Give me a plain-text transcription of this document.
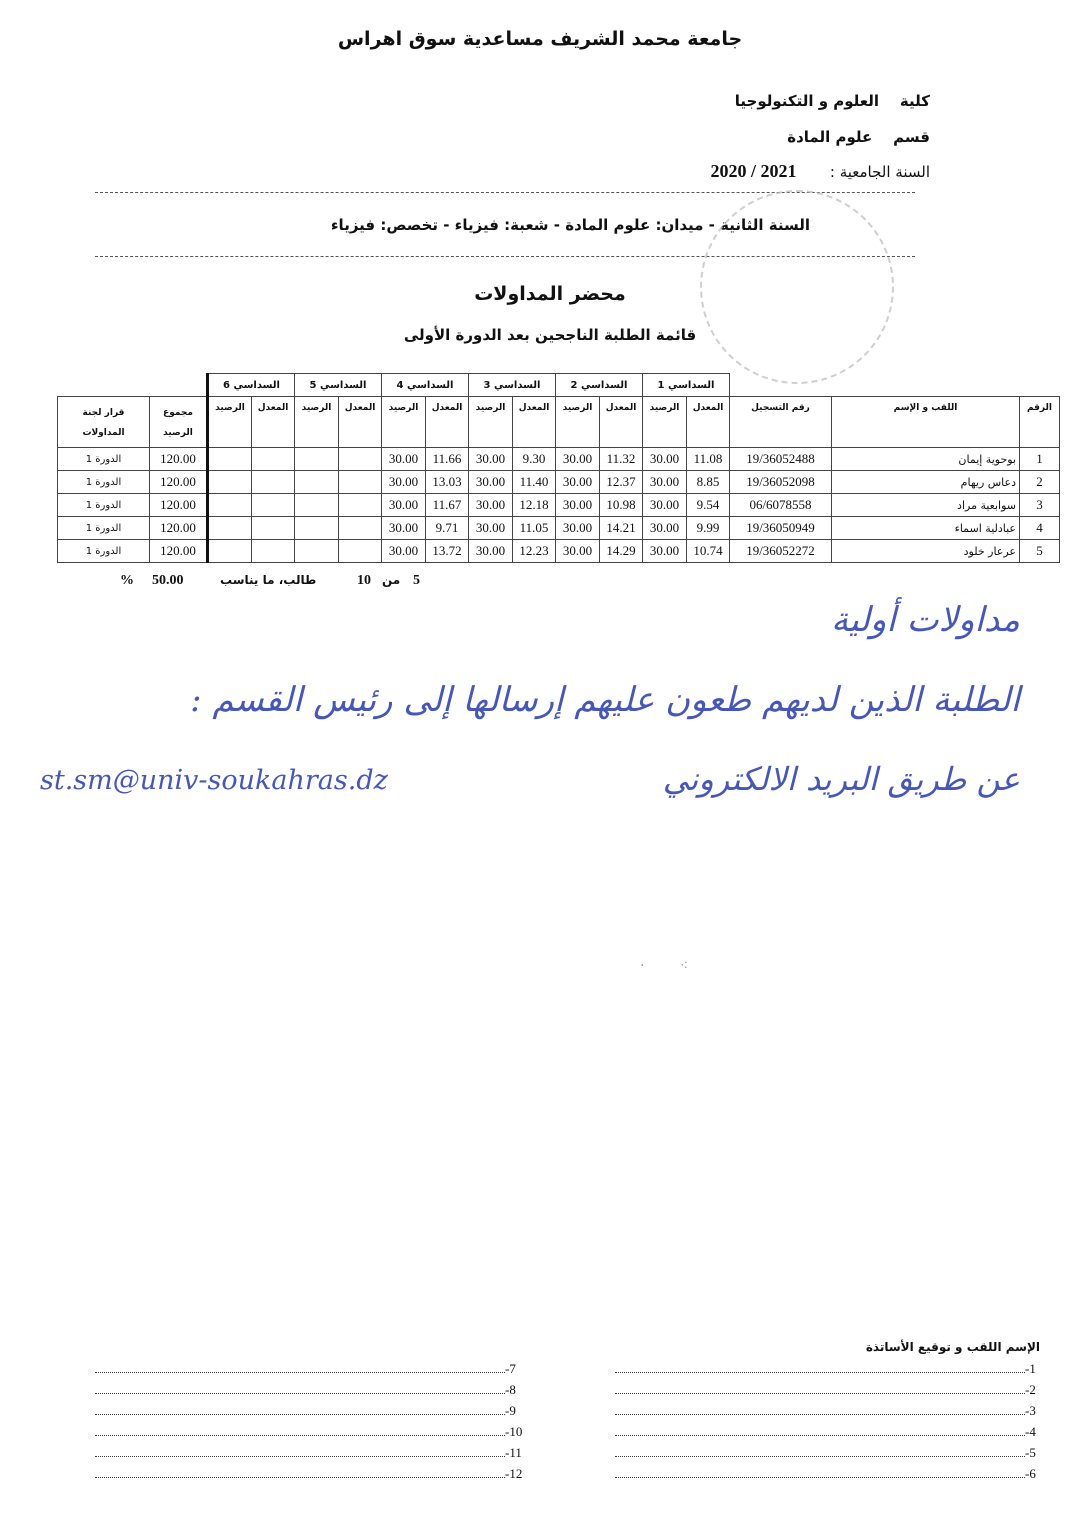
جامعة محمد الشريف مساعدية سوق اهراس
كلية    العلوم و التكنولوجيا
قسم    علوم المادة
السنة الجامعية :       2020 / 2021
السنة الثانية - ميدان: علوم المادة - شعبة: فيزياء - تخصص: فيزياء
محضر المداولات
قائمة الطلبة الناجحين بعد الدورة الأولى
		السداسي 6		السداسي 5		السداسي 4		السداسي 3		السداسي 2		السداسي 1				
قرار لجنة المداولات	مجموع الرصيد	الرصيد	المعدل	الرصيد	المعدل	الرصيد	المعدل	الرصيد	المعدل	الرصيد	المعدل	الرصيد	المعدل	رقم التسجيل	اللقب و الإسم	الرقم
الدورة 1	120.00					30.00	11.66	30.00	9.30	30.00	11.32	30.00	11.08	19/36052488	بوحوية إيمان	1
الدورة 1	120.00					30.00	13.03	30.00	11.40	30.00	12.37	30.00	8.85	19/36052098	دعاس ريهام	2
الدورة 1	120.00					30.00	11.67	30.00	12.18	30.00	10.98	30.00	9.54	06/6078558	سوابعية مراد	3
الدورة 1	120.00					30.00	9.71	30.00	11.05	30.00	14.21	30.00	9.99	19/36050949	عبادلية اسماء	4
الدورة 1	120.00					30.00	13.72	30.00	12.23	30.00	14.29	30.00	10.74	19/36052272	عرعار خلود	5
% 50.00	طالب، ما يناسب	10 من 5
مداولات أولية
الطلبة الذين لديهم طعون عليهم إرسالها إلى رئيس القسم :
عن طريق البريد الالكتروني
st.sm@univ-soukahras.dz
·        ⁖
الإسم اللقب و توقيع الأساتذة
-1
-2
-3
-4
-5
-6
-7
-8
-9
-10
-11
-12
